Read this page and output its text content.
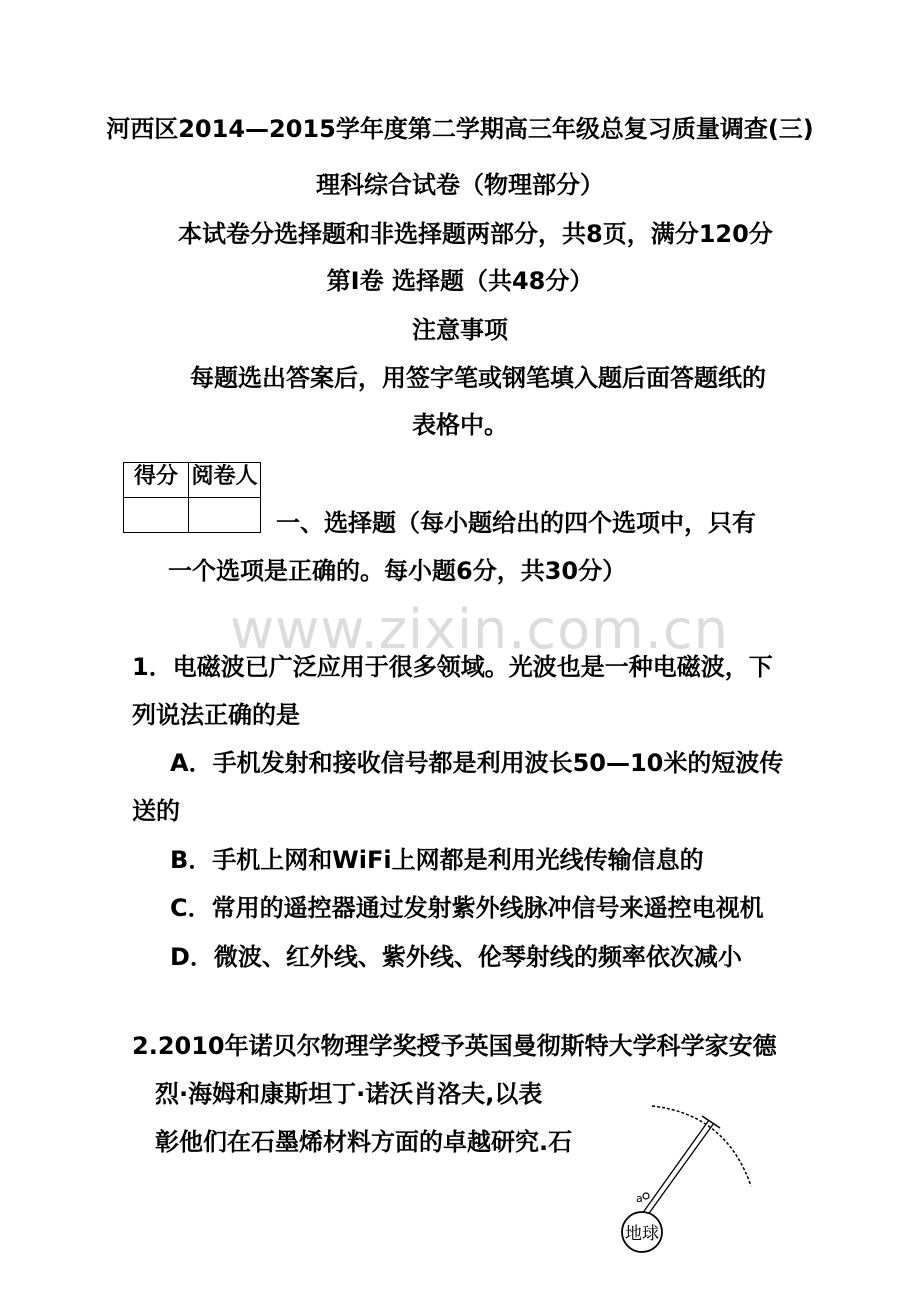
河西区2014—2015学年度第二学期高三年级总复习质量调查(三)
理科综合试卷（物理部分）
本试卷分选择题和非选择题两部分，共8页，满分120分
第Ⅰ卷 选择题（共48分）
注意事项
每题选出答案后，用签字笔或钢笔填入题后面答题纸的
表格中。
得分	阅卷人

一、选择题（每小题给出的四个选项中，只有
一个选项是正确的。每小题6分，共30分）
www.zixin.com.cn
1．电磁波已广泛应用于很多领域。光波也是一种电磁波，下
列说法正确的是
A．手机发射和接收信号都是利用波长50—10米的短波传
送的
B．手机上网和WiFi上网都是利用光线传输信息的
C．常用的遥控器通过发射紫外线脉冲信号来遥控电视机
D．微波、红外线、紫外线、伦琴射线的频率依次减小
2.2010年诺贝尔物理学奖授予英国曼彻斯特大学科学家安德
烈·海姆和康斯坦丁·诺沃肖洛夫,以表
彰他们在石墨烯材料方面的卓越研究.石
a
地球
